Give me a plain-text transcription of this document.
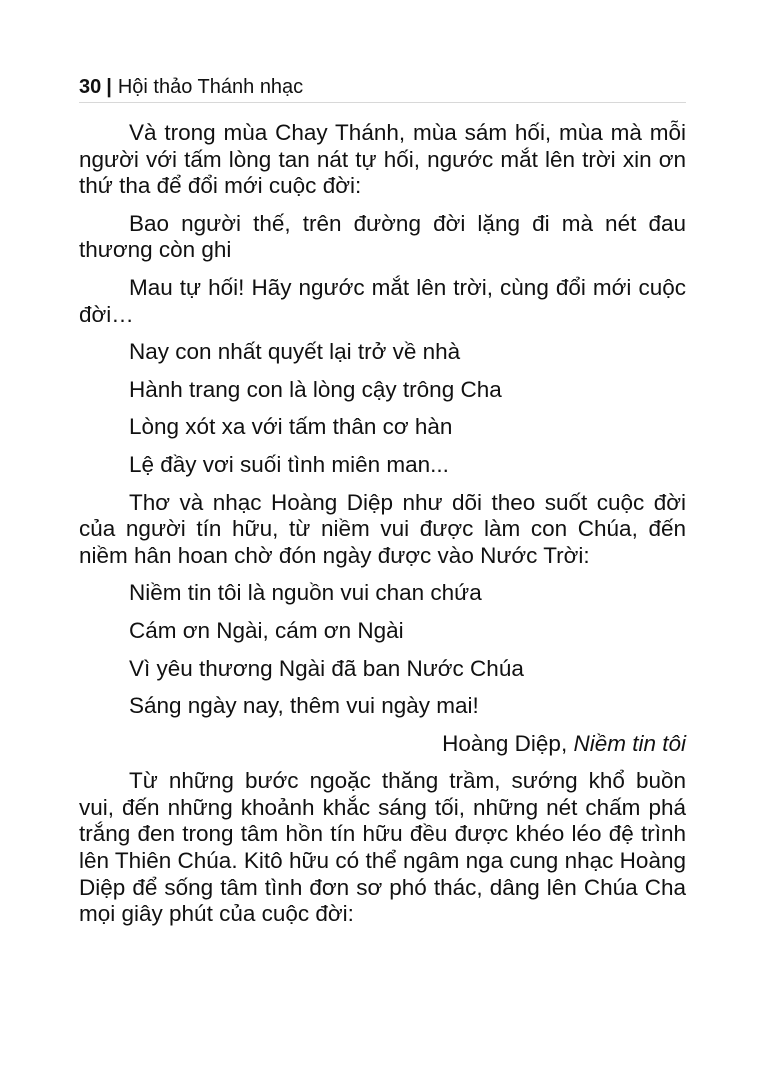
30 | Hội thảo Thánh nhạc

Và trong mùa Chay Thánh, mùa sám hối, mùa mà mỗi người với tấm lòng tan nát tự hối, ngước mắt lên trời xin ơn thứ tha để đổi mới cuộc đời:

Bao người thế, trên đường đời lặng đi mà nét đau thương còn ghi

Mau tự hối! Hãy ngước mắt lên trời, cùng đổi mới cuộc đời…

Nay con nhất quyết lại trở về nhà

Hành trang con là lòng cậy trông Cha

Lòng xót xa với tấm thân cơ hàn

Lệ đầy vơi suối tình miên man...

Thơ và nhạc Hoàng Diệp như dõi theo suốt cuộc đời của người tín hữu, từ niềm vui được làm con Chúa, đến niềm hân hoan chờ đón ngày được vào Nước Trời:

Niềm tin tôi là nguồn vui chan chứa

Cám ơn Ngài, cám ơn Ngài

Vì yêu thương Ngài đã ban Nước Chúa

Sáng ngày nay, thêm vui ngày mai!

Hoàng Diệp, Niềm tin tôi

Từ những bước ngoặc thăng trầm, sướng khổ buồn vui, đến những khoảnh khắc sáng tối, những nét chấm phá trắng đen trong tâm hồn tín hữu đều được khéo léo đệ trình lên Thiên Chúa. Kitô hữu có thể ngâm nga cung nhạc Hoàng Diệp để sống tâm tình đơn sơ phó thác, dâng lên Chúa Cha mọi giây phút của cuộc đời:
